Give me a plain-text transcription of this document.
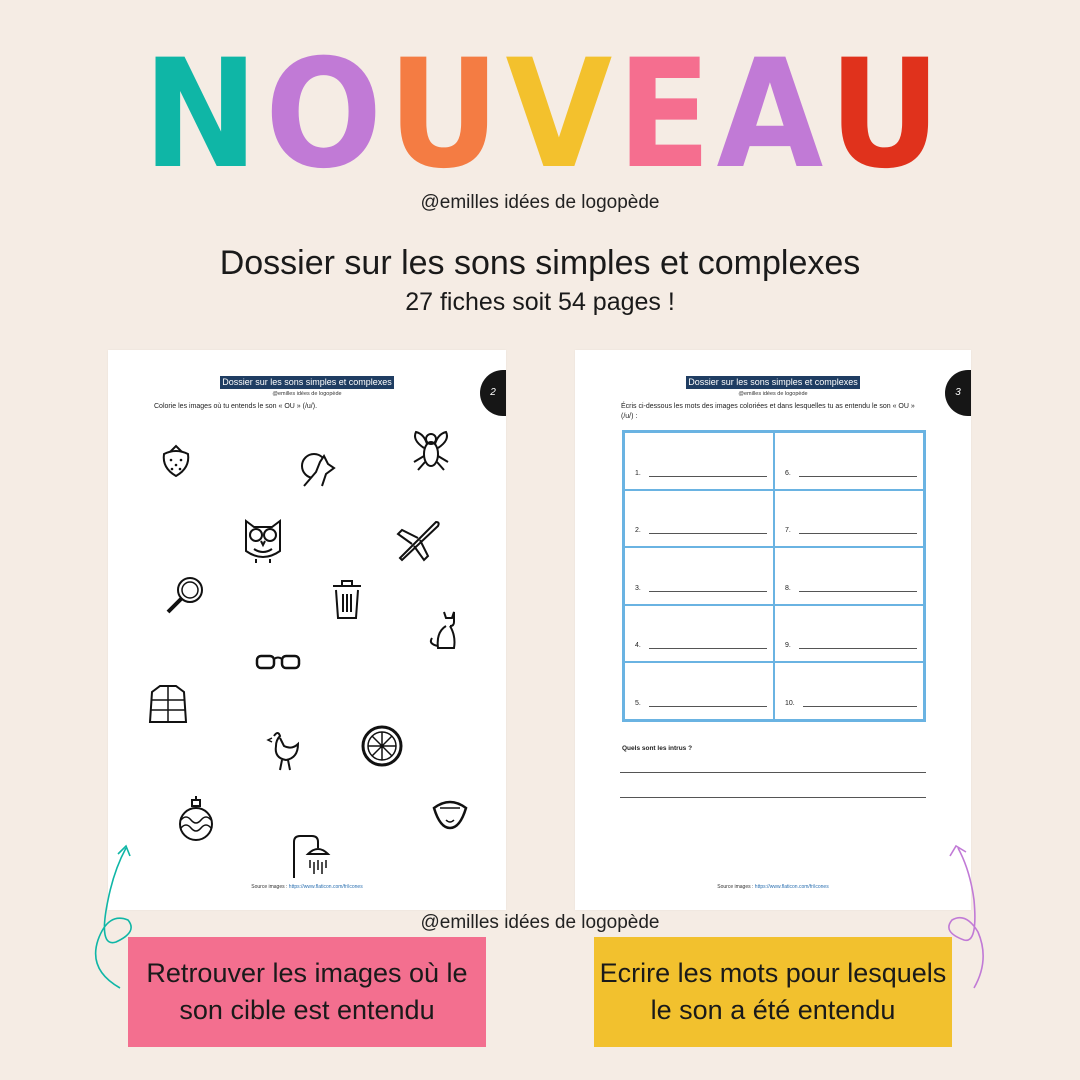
NOUVEAU
@emilles idées de logopède
Dossier sur les sons simples et complexes
27 fiches soit 54 pages !
Dossier sur les sons simples et complexes
@emilles idées de logopède	2
Colorie les images où tu entends le son « OU » (/u/).
Source images : https://www.flaticon.com/fr/icones
Dossier sur les sons simples et complexes
@emilles idées de logopède	3
Écris ci-dessous les mots des images coloriées et dans lesquelles tu as entendu le son « OU » (/u/) :
1.	6.
2.	7.
3.	8.
4.	9.
5.	10.
Quels sont les intrus ?
Source images : https://www.flaticon.com/fr/icones
@emilles idées de logopède
Retrouver les images où le son cible est entendu
Ecrire les mots pour lesquels le son a été entendu
